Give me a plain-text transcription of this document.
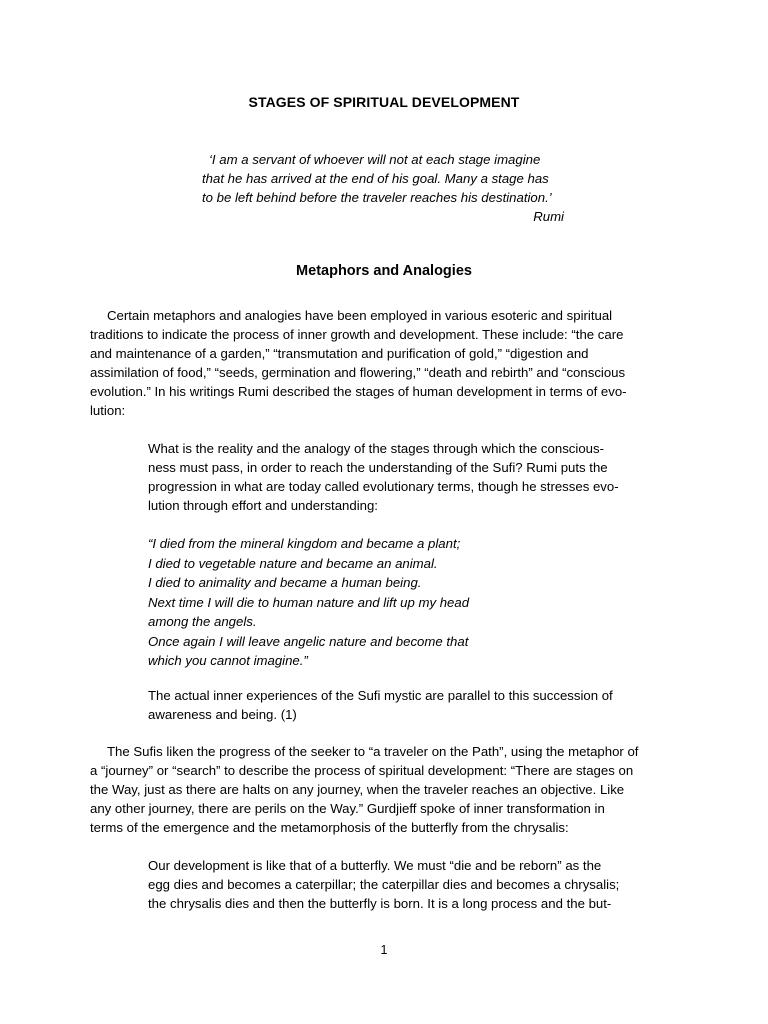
STAGES OF SPIRITUAL DEVELOPMENT
‘I am a servant of whoever will not at each stage imagine
that he has arrived at the end of his goal. Many a stage has
to be left behind before the traveler reaches his destination.’
Rumi
Metaphors and Analogies
Certain metaphors and analogies have been employed in various esoteric and spiritual
traditions to indicate the process of inner growth and development. These include: “the care
and maintenance of a garden,” “transmutation and purification of gold,” “digestion and
assimilation of food,” “seeds, germination and flowering,” “death and rebirth” and “conscious
evolution.” In his writings Rumi described the stages of human development in terms of evo-
lution:
What is the reality and the analogy of the stages through which the conscious-
ness must pass, in order to reach the understanding of the Sufi? Rumi puts the
progression in what are today called evolutionary terms, though he stresses evo-
lution through effort and understanding:
“I died from the mineral kingdom and became a plant;
I died to vegetable nature and became an animal.
I died to animality and became a human being.
Next time I will die to human nature and lift up my head
among the angels.
Once again I will leave angelic nature and become that
which you cannot imagine.”
The actual inner experiences of the Sufi mystic are parallel to this succession of
awareness and being. (1)
The Sufis liken the progress of the seeker to “a traveler on the Path”, using the metaphor of
a “journey” or “search” to describe the process of spiritual development: “There are stages on
the Way, just as there are halts on any journey, when the traveler reaches an objective. Like
any other journey, there are perils on the Way.” Gurdjieff spoke of inner transformation in
terms of the emergence and the metamorphosis of the butterfly from the chrysalis:
Our development is like that of a butterfly. We must “die and be reborn” as the
egg dies and becomes a caterpillar; the caterpillar dies and becomes a chrysalis;
the chrysalis dies and then the butterfly is born. It is a long process and the but-
1
